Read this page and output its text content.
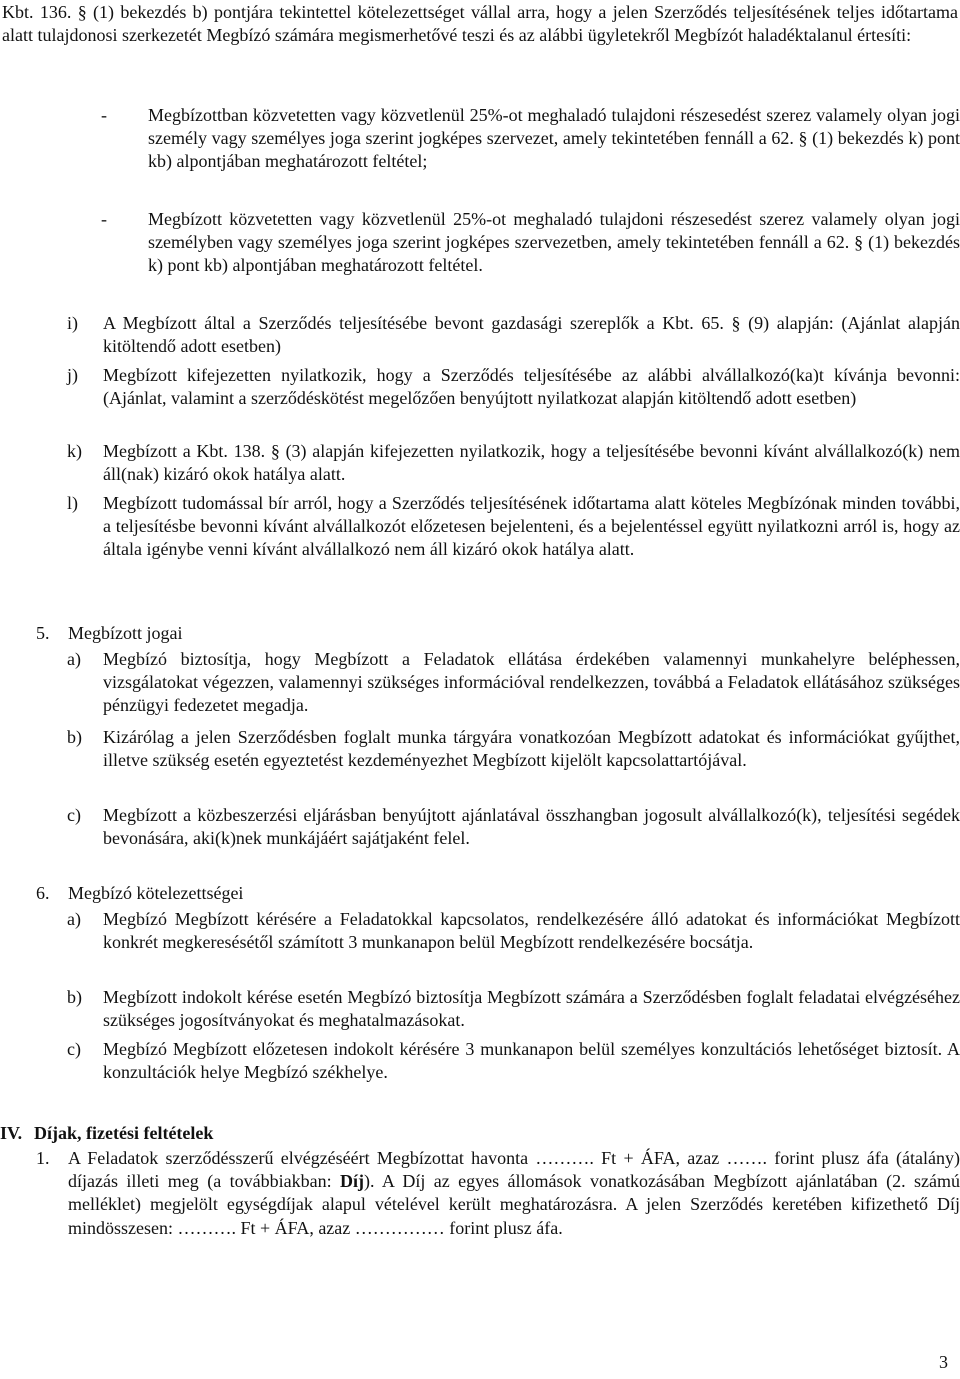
Kbt. 136. § (1) bekezdés b) pontjára tekintettel kötelezettséget vállal arra, hogy a jelen Szerződés teljesítésének teljes időtartama alatt tulajdonosi szerkezetét Megbízó számára megismerhetővé teszi és az alábbi ügyletekről Megbízót haladéktalanul értesíti:

-	Megbízottban közvetetten vagy közvetlenül 25%-ot meghaladó tulajdoni részesedést szerez valamely olyan jogi személy vagy személyes joga szerint jogképes szervezet, amely tekintetében fennáll a 62. § (1) bekezdés k) pont kb) alpontjában meghatározott feltétel;

-	Megbízott közvetetten vagy közvetlenül 25%-ot meghaladó tulajdoni részesedést szerez valamely olyan jogi személyben vagy személyes joga szerint jogképes szervezetben, amely tekintetében fennáll a 62. § (1) bekezdés k) pont kb) alpontjában meghatározott feltétel.

i)	A Megbízott által a Szerződés teljesítésébe bevont gazdasági szereplők a Kbt. 65. § (9) alapján: (Ajánlat alapján kitöltendő adott esetben)

j)	Megbízott kifejezetten nyilatkozik, hogy a Szerződés teljesítésébe az alábbi alvállalkozó(ka)t kívánja bevonni: (Ajánlat, valamint a szerződéskötést megelőzően benyújtott nyilatkozat alapján kitöltendő adott esetben)

k)	Megbízott a Kbt. 138. § (3) alapján kifejezetten nyilatkozik, hogy a teljesítésébe bevonni kívánt alvállalkozó(k) nem áll(nak) kizáró okok hatálya alatt.

l)	Megbízott tudomással bír arról, hogy a Szerződés teljesítésének időtartama alatt köteles Megbízónak minden további, a teljesítésbe bevonni kívánt alvállalkozót előzetesen bejelenteni, és a bejelentéssel együtt nyilatkozni arról is, hogy az általa igénybe venni kívánt alvállalkozó nem áll kizáró okok hatálya alatt.

5. Megbízott jogai
a)	Megbízó biztosítja, hogy Megbízott a Feladatok ellátása érdekében valamennyi munkahelyre beléphessen, vizsgálatokat végezzen, valamennyi szükséges információval rendelkezzen, továbbá a Feladatok ellátásához szükséges pénzügyi fedezetet megadja.

b)	Kizárólag a jelen Szerződésben foglalt munka tárgyára vonatkozóan Megbízott adatokat és információkat gyűjthet, illetve szükség esetén egyeztetést kezdeményezhet Megbízott kijelölt kapcsolattartójával.

c)	Megbízott a közbeszerzési eljárásban benyújtott ajánlatával összhangban jogosult alvállalkozó(k), teljesítési segédek bevonására, aki(k)nek munkájáért sajátjaként felel.

6. Megbízó kötelezettségei
a)	Megbízó Megbízott kérésére a Feladatokkal kapcsolatos, rendelkezésére álló adatokat és információkat Megbízott konkrét megkeresésétől számított 3 munkanapon belül Megbízott rendelkezésére bocsátja.

b)	Megbízott indokolt kérése esetén Megbízó biztosítja Megbízott számára a Szerződésben foglalt feladatai elvégzéséhez szükséges jogosítványokat és meghatalmazásokat.

c)	Megbízó Megbízott előzetesen indokolt kérésére 3 munkanapon belül személyes konzultációs lehetőséget biztosít. A konzultációk helye Megbízó székhelye.

IV. Díjak, fizetési feltételek
1. A Feladatok szerződésszerű elvégzéséért Megbízottat havonta ………. Ft + ÁFA, azaz ……. forint plusz áfa (átalány) díjazás illeti meg (a továbbiakban: Díj). A Díj az egyes állomások vonatkozásában Megbízott ajánlatában (2. számú melléklet) megjelölt egységdíjak alapul vételével került meghatározásra. A jelen Szerződés keretében kifizethető Díj mindösszesen: ………. Ft + ÁFA, azaz …………… forint plusz áfa.

3
